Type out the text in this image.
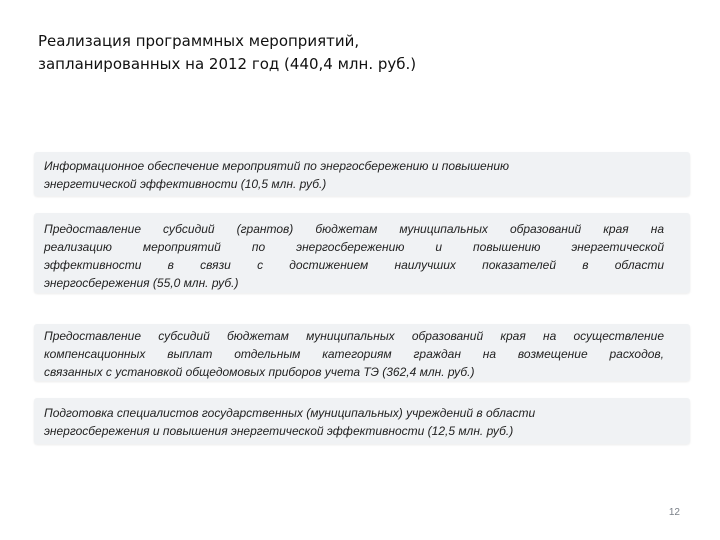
Реализация программных мероприятий,
запланированных на 2012 год (440,4 млн. руб.)
Информационное обеспечение мероприятий по энергосбережению и повышению
энергетической эффективности (10,5 млн. руб.)
Предоставление субсидий (грантов) бюджетам муниципальных образований края на
реализацию мероприятий по энергосбережению и повышению энергетической
эффективности в связи с достижением наилучших показателей в области
энергосбережения (55,0 млн. руб.)
Предоставление субсидий бюджетам муниципальных образований края на осуществление
компенсационных выплат отдельным категориям граждан на возмещение расходов,
связанных с установкой общедомовых приборов учета ТЭ (362,4 млн. руб.)
Подготовка специалистов государственных (муниципальных) учреждений в области
энергосбережения и повышения энергетической эффективности (12,5 млн. руб.)
12
